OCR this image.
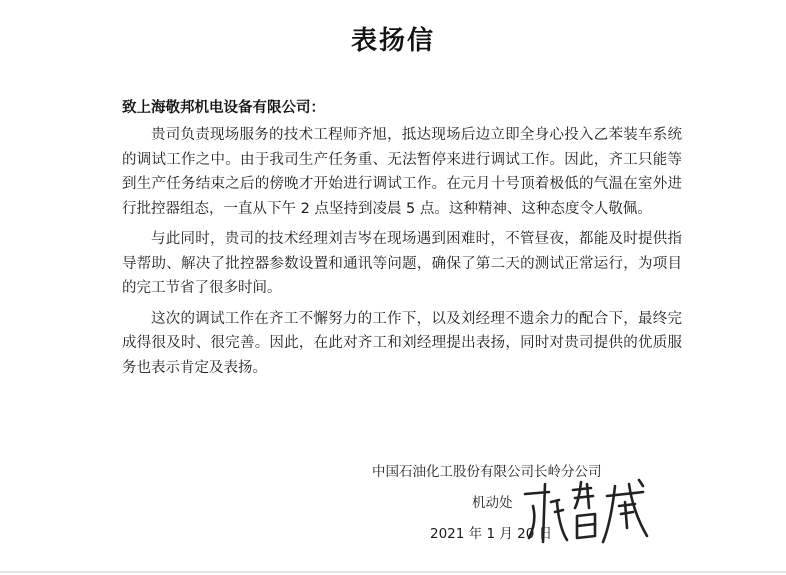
表扬信
致上海敬邦机电设备有限公司：

贵司负责现场服务的技术工程师齐旭，抵达现场后边立即全身心投入乙苯装车系统的调试工作之中。由于我司生产任务重、无法暂停来进行调试工作。因此，齐工只能等到生产任务结束之后的傍晚才开始进行调试工作。在元月十号顶着极低的气温在室外进行批控器组态，一直从下午 2 点坚持到凌晨 5 点。这种精神、这种态度令人敬佩。

与此同时，贵司的技术经理刘吉岑在现场遇到困难时，不管昼夜，都能及时提供指导帮助、解决了批控器参数设置和通讯等问题，确保了第二天的测试正常运行，为项目的完工节省了很多时间。

这次的调试工作在齐工不懈努力的工作下，以及刘经理不遗余力的配合下，最终完成得很及时、很完善。因此，在此对齐工和刘经理提出表扬，同时对贵司提供的优质服务也表示肯定及表扬。

中国石油化工股份有限公司长岭分公司
机动处
2021 年 1 月 20 日
